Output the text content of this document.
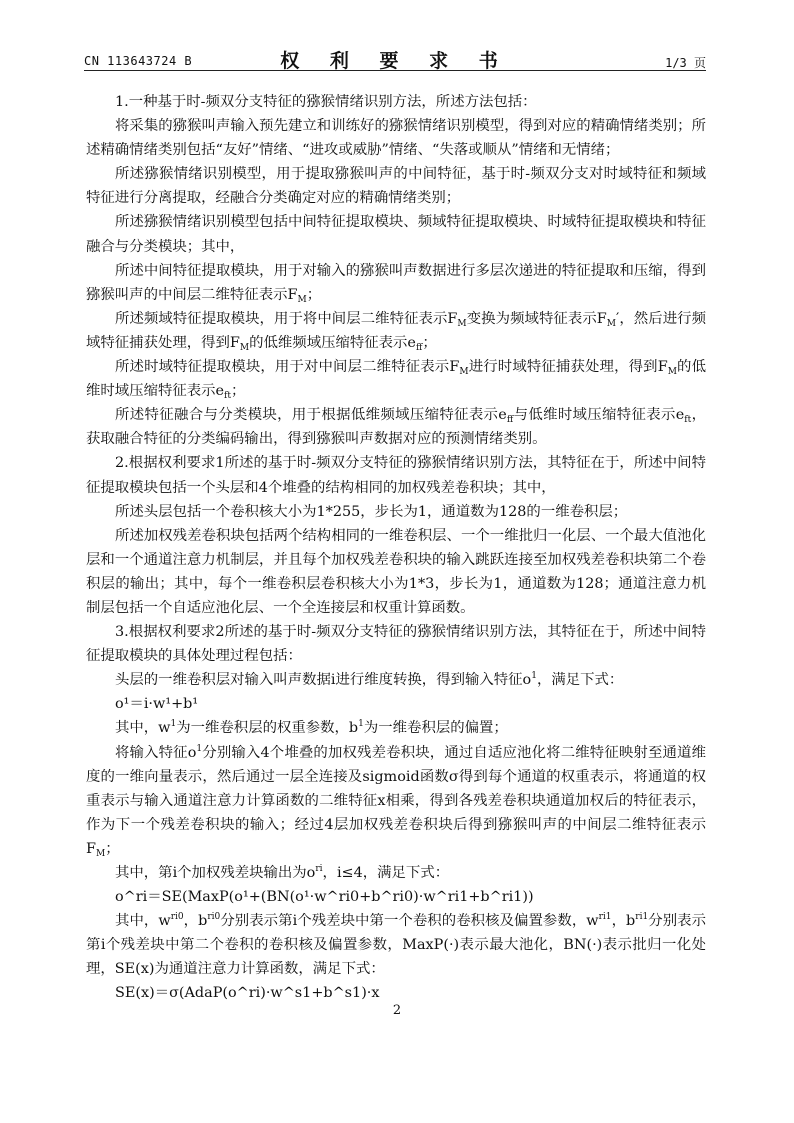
CN 113643724 B	权 利 要 求 书	1/3 页

1.一种基于时-频双分支特征的猕猴情绪识别方法，所述方法包括：

将采集的猕猴叫声输入预先建立和训练好的猕猴情绪识别模型，得到对应的精确情绪类别；所述精确情绪类别包括“友好”情绪、“进攻或威胁”情绪、“失落或顺从”情绪和无情绪；

所述猕猴情绪识别模型，用于提取猕猴叫声的中间特征，基于时-频双分支对时域特征和频域特征进行分离提取，经融合分类确定对应的精确情绪类别；

所述猕猴情绪识别模型包括中间特征提取模块、频域特征提取模块、时域特征提取模块和特征融合与分类模块；其中，

所述中间特征提取模块，用于对输入的猕猴叫声数据进行多层次递进的特征提取和压缩，得到猕猴叫声的中间层二维特征表示$F_M$；

所述频域特征提取模块，用于将中间层二维特征表示$F_M$变换为频域特征表示$F_M'$，然后进行频域特征捕获处理，得到$F_M$的低维频域压缩特征表示$e_{ff}$；

所述时域特征提取模块，用于对中间层二维特征表示$F_M$进行时域特征捕获处理，得到$F_M$的低维时域压缩特征表示$e_{ft}$；

所述特征融合与分类模块，用于根据低维频域压缩特征表示$e_{ff}$与低维时域压缩特征表示$e_{ft}$，获取融合特征的分类编码输出，得到猕猴叫声数据对应的预测情绪类别。

2.根据权利要求1所述的基于时-频双分支特征的猕猴情绪识别方法，其特征在于，所述中间特征提取模块包括一个头层和4个堆叠的结构相同的加权残差卷积块；其中，

所述头层包括一个卷积核大小为1*255，步长为1，通道数为128的一维卷积层；

所述加权残差卷积块包括两个结构相同的一维卷积层、一个一维批归一化层、一个最大值池化层和一个通道注意力机制层，并且每个加权残差卷积块的输入跳跃连接至加权残差卷积块第二个卷积层的输出；其中，每个一维卷积层卷积核大小为1*3，步长为1，通道数为128；通道注意力机制层包括一个自适应池化层、一个全连接层和权重计算函数。

3.根据权利要求2所述的基于时-频双分支特征的猕猴情绪识别方法，其特征在于，所述中间特征提取模块的具体处理过程包括：

头层的一维卷积层对输入叫声数据i进行维度转换，得到输入特征$o^1$，满足下式：

o¹＝i·w¹+b¹

其中，$w^1$为一维卷积层的权重参数，$b^1$为一维卷积层的偏置；

将输入特征$o^1$分别输入4个堆叠的加权残差卷积块，通过自适应池化将二维特征映射至通道维度的一维向量表示，然后通过一层全连接及sigmoid函数σ得到每个通道的权重表示，将通道的权重表示与输入通道注意力计算函数的二维特征x相乘，得到各残差卷积块通道加权后的特征表示，作为下一个残差卷积块的输入；经过4层加权残差卷积块后得到猕猴叫声的中间层二维特征表示$F_M$；

其中，第i个加权残差块输出为$o^{ri}$，i≤4，满足下式：

o^ri＝SE(MaxP(o¹+(BN(o¹·w^ri0+b^ri0)·w^ri1+b^ri1))

其中，$w^{ri0}$，$b^{ri0}$分别表示第i个残差块中第一个卷积的卷积核及偏置参数，$w^{ri1}$，$b^{ri1}$分别表示第i个残差块中第二个卷积的卷积核及偏置参数，MaxP(·)表示最大池化，BN(·)表示批归一化处理，SE(x)为通道注意力计算函数，满足下式：

SE(x)＝σ(AdaP(o^ri)·w^s1+b^s1)·x

2
